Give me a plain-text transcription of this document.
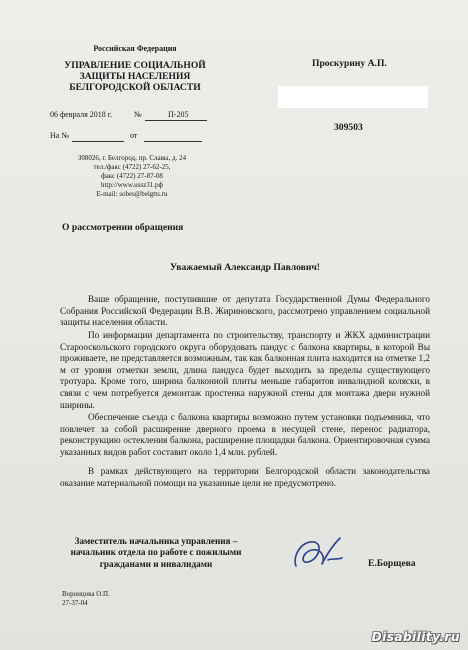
Российская Федерация
УПРАВЛЕНИЕ СОЦИАЛЬНОЙ
ЗАЩИТЫ НАСЕЛЕНИЯ
БЕЛГОРОДСКОЙ ОБЛАСТИ
06 февраля 2018 г.	№	П-205
На №	от
308026, г. Белгород, пр. Славы, д. 24
тел./факс (4722) 27-62-25,
факс (4722) 27-87-08
http://www.ussz31.рф
E-mail: sobes@belgtts.ru
Проскурину А.П.
309503
О рассмотрении обращения
Уважаемый Александр Павлович!
Ваше обращение, поступившие от депутата Государственной Думы Федерального Собрания Российской Федерации В.В. Жириновского, рассмотрено управлением социальной защиты населения области.
По информации департамента по строительству, транспорту и ЖКХ администрации Старооскольского городского округа оборудовать пандус с балкона квартиры, в которой Вы проживаете, не представляется возможным, так как балконная плита находится на отметке 1,2 м от уровня отметки земли, длина пандуса будет выходить за пределы существующего тротуара. Кроме того, ширина балконной плиты меньше габаритов инвалидной коляски, в связи с чем потребуется демонтаж простенка наружной стены для монтажа двери нужной ширины.
Обеспечение съезда с балкона квартиры возможно путем установки подъемника, что повлечет за собой расширение дверного проема в несущей стене, перенос радиатора, реконструкцию остекления балкона, расширение площадки балкона. Ориентировочная сумма указанных видов работ составит около 1,4 млн. рублей.
В рамках действующего на территории Белгородской области законодательства оказание материальной помощи на указанные цели не предусмотрено.
Заместитель начальника управления –
начальник отдела по работе с пожилыми
гражданами и инвалидами	Е.Борщева
Воронцова О.П.
27-37-04
Disability.ru
